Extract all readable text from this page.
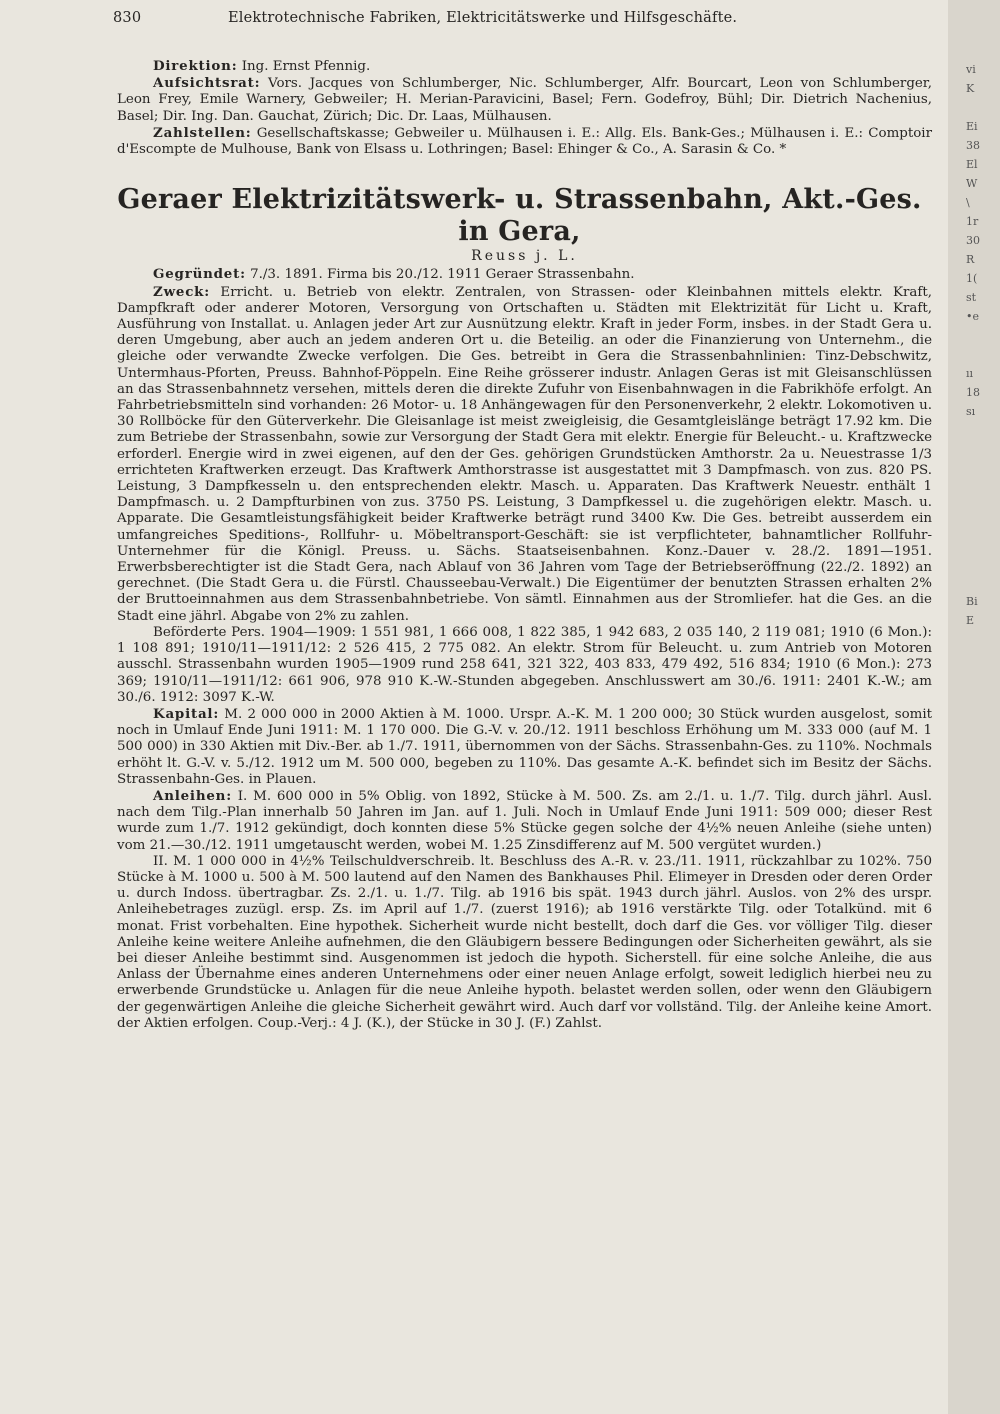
vi
K
Ei
38
El
W
\
1r
30
R
1(
st
•e
ıı
18
sı
Bi
E
830	Elektrotechnische Fabriken, Elektricitätswerke und Hilfsgeschäfte.

Direktion: Ing. Ernst Pfennig.

Aufsichtsrat: Vors. Jacques von Schlumberger, Nic. Schlumberger, Alfr. Bourcart, Leon von Schlumberger, Leon Frey, Emile Warnery, Gebweiler; H. Merian-Paravicini, Basel; Fern. Godefroy, Bühl; Dir. Dietrich Nachenius, Basel; Dir. Ing. Dan. Gauchat, Zürich; Dic. Dr. Laas, Mülhausen.

Zahlstellen: Gesellschaftskasse; Gebweiler u. Mülhausen i. E.: Allg. Els. Bank-Ges.; Mülhausen i. E.: Comptoir d'Escompte de Mulhouse, Bank von Elsass u. Lothringen; Basel: Ehinger & Co., A. Sarasin & Co. *

Geraer Elektrizitätswerk- u. Strassenbahn, Akt.-Ges. in Gera,
Reuss j. L.

Gegründet: 7./3. 1891. Firma bis 20./12. 1911 Geraer Strassenbahn.

Zweck: Erricht. u. Betrieb von elektr. Zentralen, von Strassen- oder Kleinbahnen mittels elektr. Kraft, Dampfkraft oder anderer Motoren, Versorgung von Ortschaften u. Städten mit Elektrizität für Licht u. Kraft, Ausführung von Installat. u. Anlagen jeder Art zur Ausnützung elektr. Kraft in jeder Form, insbes. in der Stadt Gera u. deren Umgebung, aber auch an jedem anderen Ort u. die Beteilig. an oder die Finanzierung von Unternehm., die gleiche oder verwandte Zwecke verfolgen. Die Ges. betreibt in Gera die Strassenbahnlinien: Tinz-Debschwitz, Untermhaus-Pforten, Preuss. Bahnhof-Pöppeln. Eine Reihe grösserer industr. Anlagen Geras ist mit Gleisanschlüssen an das Strassenbahnnetz versehen, mittels deren die direkte Zufuhr von Eisenbahnwagen in die Fabrikhöfe erfolgt. An Fahrbetriebsmitteln sind vorhanden: 26 Motor- u. 18 Anhängewagen für den Personenverkehr, 2 elektr. Lokomotiven u. 30 Rollböcke für den Güterverkehr. Die Gleisanlage ist meist zweigleisig, die Gesamtgleislänge beträgt 17.92 km. Die zum Betriebe der Strassenbahn, sowie zur Versorgung der Stadt Gera mit elektr. Energie für Beleucht.- u. Kraftzwecke erforderl. Energie wird in zwei eigenen, auf den der Ges. gehörigen Grundstücken Amthorstr. 2a u. Neuestrasse 1/3 errichteten Kraftwerken erzeugt. Das Kraftwerk Amthorstrasse ist ausgestattet mit 3 Dampfmasch. von zus. 820 PS. Leistung, 3 Dampfkesseln u. den entsprechenden elektr. Masch. u. Apparaten. Das Kraftwerk Neuestr. enthält 1 Dampfmasch. u. 2 Dampfturbinen von zus. 3750 PS. Leistung, 3 Dampfkessel u. die zugehörigen elektr. Masch. u. Apparate. Die Gesamtleistungsfähigkeit beider Kraftwerke beträgt rund 3400 Kw. Die Ges. betreibt ausserdem ein umfangreiches Speditions-, Rollfuhr- u. Möbeltransport-Geschäft: sie ist verpflichteter, bahnamtlicher Rollfuhr-Unternehmer für die Königl. Preuss. u. Sächs. Staatseisenbahnen. Konz.-Dauer v. 28./2. 1891—1951. Erwerbsberechtigter ist die Stadt Gera, nach Ablauf von 36 Jahren vom Tage der Betriebseröffnung (22./2. 1892) an gerechnet. (Die Stadt Gera u. die Fürstl. Chausseebau-Verwalt.) Die Eigentümer der benutzten Strassen erhalten 2% der Bruttoeinnahmen aus dem Strassenbahnbetriebe. Von sämtl. Einnahmen aus der Stromliefer. hat die Ges. an die Stadt eine jährl. Abgabe von 2% zu zahlen.

Beförderte Pers. 1904—1909: 1 551 981, 1 666 008, 1 822 385, 1 942 683, 2 035 140, 2 119 081; 1910 (6 Mon.): 1 108 891; 1910/11—1911/12: 2 526 415, 2 775 082. An elektr. Strom für Beleucht. u. zum Antrieb von Motoren ausschl. Strassenbahn wurden 1905—1909 rund 258 641, 321 322, 403 833, 479 492, 516 834; 1910 (6 Mon.): 273 369; 1910/11—1911/12: 661 906, 978 910 K.-W.-Stunden abgegeben. Anschlusswert am 30./6. 1911: 2401 K.-W.; am 30./6. 1912: 3097 K.-W.

Kapital: M. 2 000 000 in 2000 Aktien à M. 1000. Urspr. A.-K. M. 1 200 000; 30 Stück wurden ausgelost, somit noch in Umlauf Ende Juni 1911: M. 1 170 000. Die G.-V. v. 20./12. 1911 beschloss Erhöhung um M. 333 000 (auf M. 1 500 000) in 330 Aktien mit Div.-Ber. ab 1./7. 1911, übernommen von der Sächs. Strassenbahn-Ges. zu 110%. Nochmals erhöht lt. G.-V. v. 5./12. 1912 um M. 500 000, begeben zu 110%. Das gesamte A.-K. befindet sich im Besitz der Sächs. Strassenbahn-Ges. in Plauen.

Anleihen: I. M. 600 000 in 5% Oblig. von 1892, Stücke à M. 500. Zs. am 2./1. u. 1./7. Tilg. durch jährl. Ausl. nach dem Tilg.-Plan innerhalb 50 Jahren im Jan. auf 1. Juli. Noch in Umlauf Ende Juni 1911: 509 000; dieser Rest wurde zum 1./7. 1912 gekündigt, doch konnten diese 5% Stücke gegen solche der 4½% neuen Anleihe (siehe unten) vom 21.—30./12. 1911 umgetauscht werden, wobei M. 1.25 Zinsdifferenz auf M. 500 vergütet wurden.)

II. M. 1 000 000 in 4½% Teilschuldverschreib. lt. Beschluss des A.-R. v. 23./11. 1911, rückzahlbar zu 102%. 750 Stücke à M. 1000 u. 500 à M. 500 lautend auf den Namen des Bankhauses Phil. Elimeyer in Dresden oder deren Order u. durch Indoss. übertragbar. Zs. 2./1. u. 1./7. Tilg. ab 1916 bis spät. 1943 durch jährl. Auslos. von 2% des urspr. Anleihebetrages zuzügl. ersp. Zs. im April auf 1./7. (zuerst 1916); ab 1916 verstärkte Tilg. oder Totalkünd. mit 6 monat. Frist vorbehalten. Eine hypothek. Sicherheit wurde nicht bestellt, doch darf die Ges. vor völliger Tilg. dieser Anleihe keine weitere Anleihe aufnehmen, die den Gläubigern bessere Bedingungen oder Sicherheiten gewährt, als sie bei dieser Anleihe bestimmt sind. Ausgenommen ist jedoch die hypoth. Sicherstell. für eine solche Anleihe, die aus Anlass der Übernahme eines anderen Unternehmens oder einer neuen Anlage erfolgt, soweit lediglich hierbei neu zu erwerbende Grundstücke u. Anlagen für die neue Anleihe hypoth. belastet werden sollen, oder wenn den Gläubigern der gegenwärtigen Anleihe die gleiche Sicherheit gewährt wird. Auch darf vor vollständ. Tilg. der Anleihe keine Amort. der Aktien erfolgen. Coup.-Verj.: 4 J. (K.), der Stücke in 30 J. (F.) Zahlst.
